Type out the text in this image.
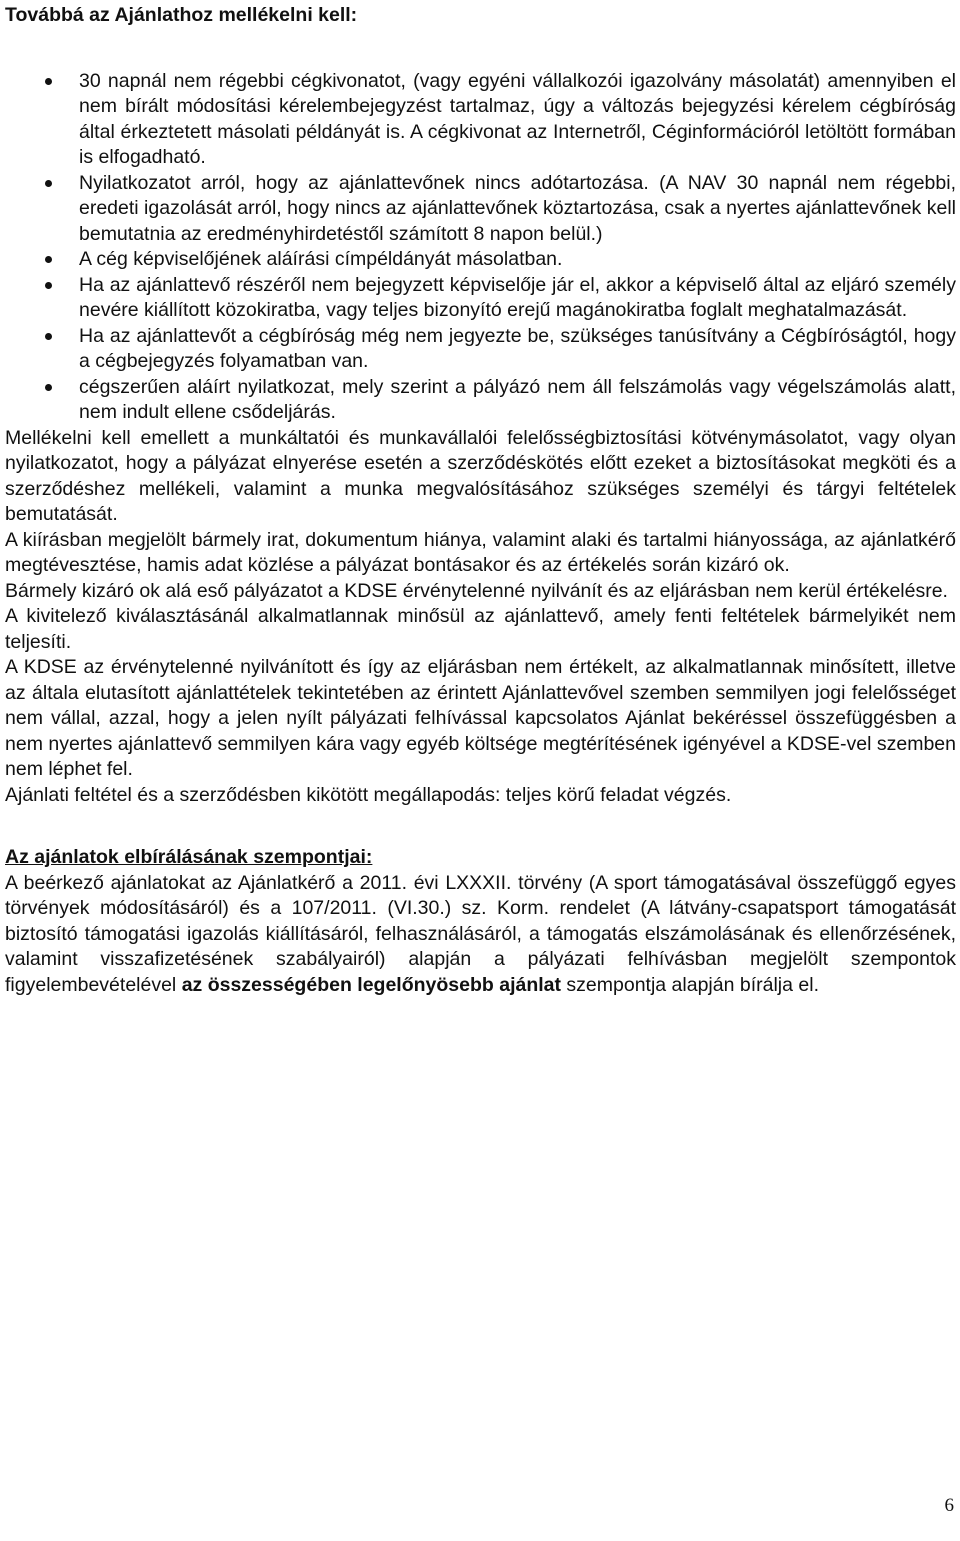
Továbbá az Ajánlathoz mellékelni kell:
30 napnál nem régebbi cégkivonatot, (vagy egyéni vállalkozói igazolvány másolatát) amennyiben el nem bírált módosítási kérelembejegyzést tartalmaz, úgy a változás bejegyzési kérelem cégbíróság által érkeztetett másolati példányát is. A cégkivonat az Internetről, Céginformációról letöltött formában is elfogadható.
Nyilatkozatot arról, hogy az ajánlattevőnek nincs adótartozása. (A NAV 30 napnál nem régebbi, eredeti igazolását arról, hogy nincs az ajánlattevőnek köztartozása, csak a nyertes ajánlattevőnek kell bemutatnia az eredményhirdetéstől számított 8 napon belül.)
A cég képviselőjének aláírási címpéldányát másolatban.
Ha az ajánlattevő részéről nem bejegyzett képviselője jár el, akkor a képviselő által az eljáró személy nevére kiállított közokiratba, vagy teljes bizonyító erejű magánokiratba foglalt meghatalmazását.
Ha az ajánlattevőt a cégbíróság még nem jegyezte be, szükséges tanúsítvány a Cégbíróságtól, hogy a cégbejegyzés folyamatban van.
cégszerűen aláírt nyilatkozat, mely szerint a pályázó nem áll felszámolás vagy végelszámolás alatt, nem indult ellene csődeljárás.

Mellékelni kell emellett a munkáltatói és munkavállalói felelősségbiztosítási kötvénymásolatot, vagy olyan nyilatkozatot, hogy a pályázat elnyerése esetén a szerződéskötés előtt ezeket a biztosításokat megköti és a szerződéshez mellékeli, valamint a munka megvalósításához szükséges személyi és tárgyi feltételek bemutatását.

A kiírásban megjelölt bármely irat, dokumentum hiánya, valamint alaki és tartalmi hiányossága, az ajánlatkérő megtévesztése, hamis adat közlése a pályázat bontásakor és az értékelés során kizáró ok.

Bármely kizáró ok alá eső pályázatot a KDSE érvénytelenné nyilvánít és az eljárásban nem kerül értékelésre.

A kivitelező kiválasztásánál alkalmatlannak minősül az ajánlattevő, amely fenti feltételek bármelyikét nem teljesíti.

A KDSE az érvénytelenné nyilvánított és így az eljárásban nem értékelt, az alkalmatlannak minősített, illetve az általa elutasított ajánlattételek tekintetében az érintett Ajánlattevővel szemben semmilyen jogi felelősséget nem vállal, azzal, hogy a jelen nyílt pályázati felhívással kapcsolatos Ajánlat bekéréssel összefüggésben a nem nyertes ajánlattevő semmilyen kára vagy egyéb költsége megtérítésének igényével a KDSE-vel szemben nem léphet fel.

Ajánlati feltétel és a szerződésben kikötött megállapodás: teljes körű feladat végzés.

Az ajánlatok elbírálásának szempontjai:

A beérkező ajánlatokat az Ajánlatkérő a 2011. évi LXXXII. törvény (A sport támogatásával összefüggő egyes törvények módosításáról) és a 107/2011. (VI.30.) sz. Korm. rendelet (A látvány-csapatsport támogatását biztosító támogatási igazolás kiállításáról, felhasználásáról, a támogatás elszámolásának és ellenőrzésének, valamint visszafizetésének szabályairól) alapján a pályázati felhívásban megjelölt szempontok figyelembevételével az összességében legelőnyösebb ajánlat szempontja alapján bírálja el.

6
